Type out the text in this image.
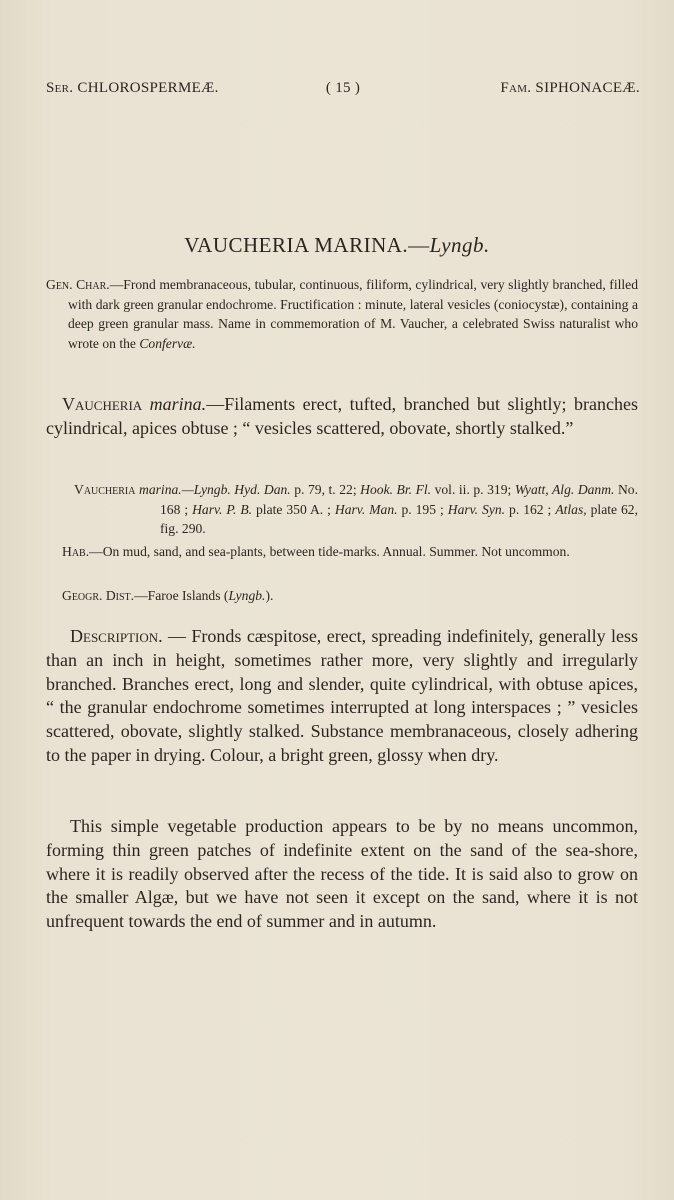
Ser. CHLOROSPERMEÆ.	( 15 )	Fam. SIPHONACEÆ.
VAUCHERIA MARINA.—Lyngb.

Gen. Char.—Frond membranaceous, tubular, continuous, filiform, cylindrical, very slightly branched, filled with dark green granular endochrome. Fructification : minute, lateral vesicles (coniocystæ), containing a deep green granular mass. Name in commemoration of M. Vaucher, a celebrated Swiss naturalist who wrote on the Confervæ.

Vaucheria marina.—Filaments erect, tufted, branched but slightly; branches cylindrical, apices obtuse ; “ vesicles scattered, obovate, shortly stalked.”

Vaucheria marina.—Lyngb. Hyd. Dan. p. 79, t. 22; Hook. Br. Fl. vol. ii. p. 319; Wyatt, Alg. Danm. No. 168 ; Harv. P. B. plate 350 A. ; Harv. Man. p. 195 ; Harv. Syn. p. 162 ; Atlas, plate 62, fig. 290.

Hab.—On mud, sand, and sea-plants, between tide-marks. Annual. Summer. Not uncommon.

Geogr. Dist.—Faroe Islands (Lyngb.).

Description. — Fronds cæspitose, erect, spreading indefinitely, generally less than an inch in height, sometimes rather more, very slightly and irregularly branched. Branches erect, long and slender, quite cylindrical, with obtuse apices, “ the granular endochrome sometimes interrupted at long interspaces ; ” vesicles scattered, obovate, slightly stalked. Substance membranaceous, closely adhering to the paper in drying. Colour, a bright green, glossy when dry.

This simple vegetable production appears to be by no means uncommon, forming thin green patches of indefinite extent on the sand of the sea-shore, where it is readily observed after the recess of the tide. It is said also to grow on the smaller Algæ, but we have not seen it except on the sand, where it is not unfrequent towards the end of summer and in autumn.
